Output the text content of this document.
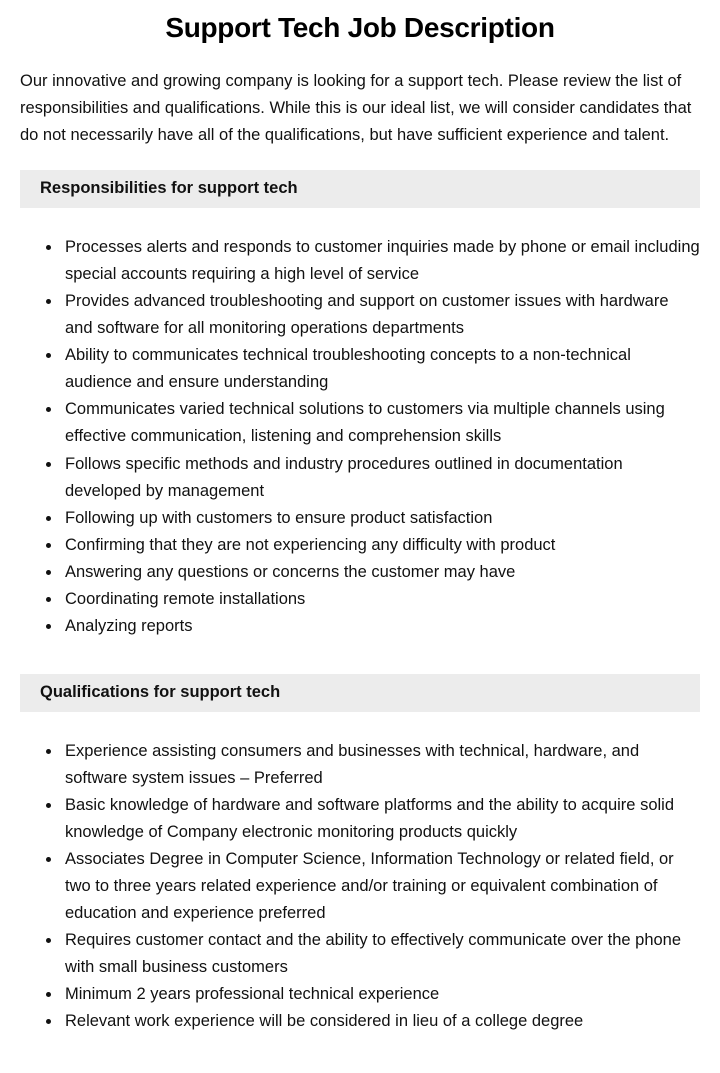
Support Tech Job Description

Our innovative and growing company is looking for a support tech. Please review the list of responsibilities and qualifications. While this is our ideal list, we will consider candidates that do not necessarily have all of the qualifications, but have sufficient experience and talent.

Responsibilities for support tech
• Processes alerts and responds to customer inquiries made by phone or email including special accounts requiring a high level of service
• Provides advanced troubleshooting and support on customer issues with hardware and software for all monitoring operations departments
• Ability to communicates technical troubleshooting concepts to a non-technical audience and ensure understanding
• Communicates varied technical solutions to customers via multiple channels using effective communication, listening and comprehension skills
• Follows specific methods and industry procedures outlined in documentation developed by management
• Following up with customers to ensure product satisfaction
• Confirming that they are not experiencing any difficulty with product
• Answering any questions or concerns the customer may have
• Coordinating remote installations
• Analyzing reports
Qualifications for support tech
• Experience assisting consumers and businesses with technical, hardware, and software system issues – Preferred
• Basic knowledge of hardware and software platforms and the ability to acquire solid knowledge of Company electronic monitoring products quickly
• Associates Degree in Computer Science, Information Technology or related field, or two to three years related experience and/or training or equivalent combination of education and experience preferred
• Requires customer contact and the ability to effectively communicate over the phone with small business customers
• Minimum 2 years professional technical experience
• Relevant work experience will be considered in lieu of a college degree
